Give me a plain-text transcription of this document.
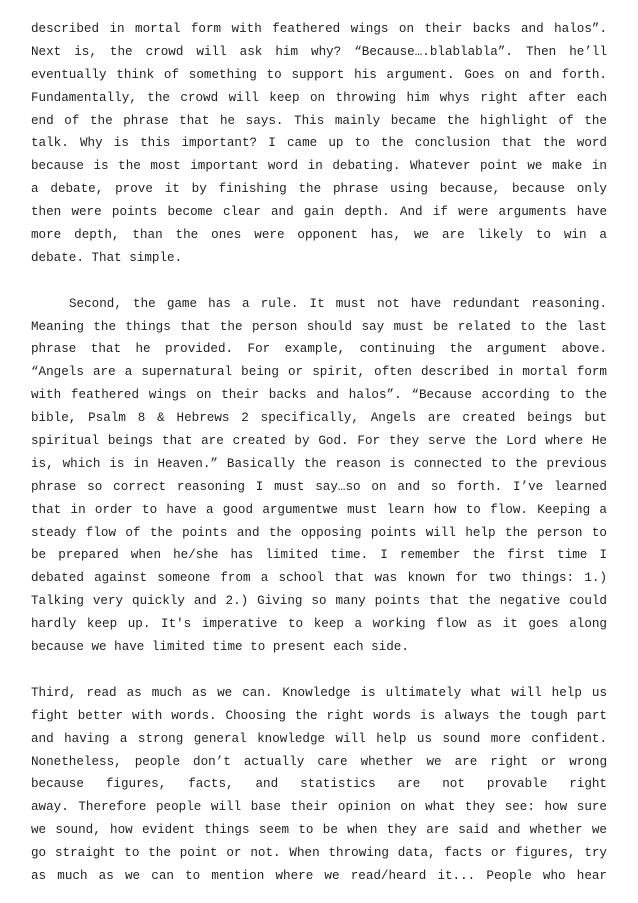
described in mortal form with feathered wings on their backs and halos”.
Next is, the crowd will ask him why? “Because….blablabla”. Then he’ll
eventually think of something to support his argument. Goes on and forth.
Fundamentally, the crowd will keep on throwing him whys right after each
end of the phrase that he says. This mainly became the highlight of the
talk. Why is this important? I came up to the conclusion that the word
because is the most important word in debating. Whatever point we make in
a debate, prove it by finishing the phrase using because, because only
then were points become clear and gain depth. And if were arguments have
more depth, than the ones were opponent has, we are likely to win a
debate. That simple.
Second, the game has a rule. It must not have redundant reasoning.
Meaning the things that the person should say must be related to the last
phrase that he provided. For example, continuing the argument above.
“Angels are a supernatural being or spirit, often described in mortal form
with feathered wings on their backs and halos”. “Because according to the
bible, Psalm 8 & Hebrews 2 specifically, Angels are created beings but
spiritual beings that are created by God. For they serve the Lord where He
is, which is in Heaven.” Basically the reason is connected to the previous
phrase so correct reasoning I must say…so on and so forth. I’ve learned
that in order to have a good argumentwe must learn how to flow. Keeping a
steady flow of the points and the opposing points will help the person to
be prepared when he/she has limited time. I remember the first time I
debated against someone from a school that was known for two things: 1.)
Talking very quickly and 2.) Giving so many points that the negative could
hardly keep up. It's imperative to keep a working flow as it goes along
because we have limited time to present each side.
Third, read as much as we can. Knowledge is ultimately what will help us
fight better with words. Choosing the right words is always the tough part
and having a strong general knowledge will help us sound more confident.
Nonetheless, people don’t actually care whether we are right or wrong
because figures, facts, and statistics are not provable right
away. Therefore people will base their opinion on what they see: how sure
we sound, how evident things seem to be when they are said and whether we
go straight to the point or not. When throwing data, facts or figures, try
as much as we can to mention where we read/heard it... People who hear
